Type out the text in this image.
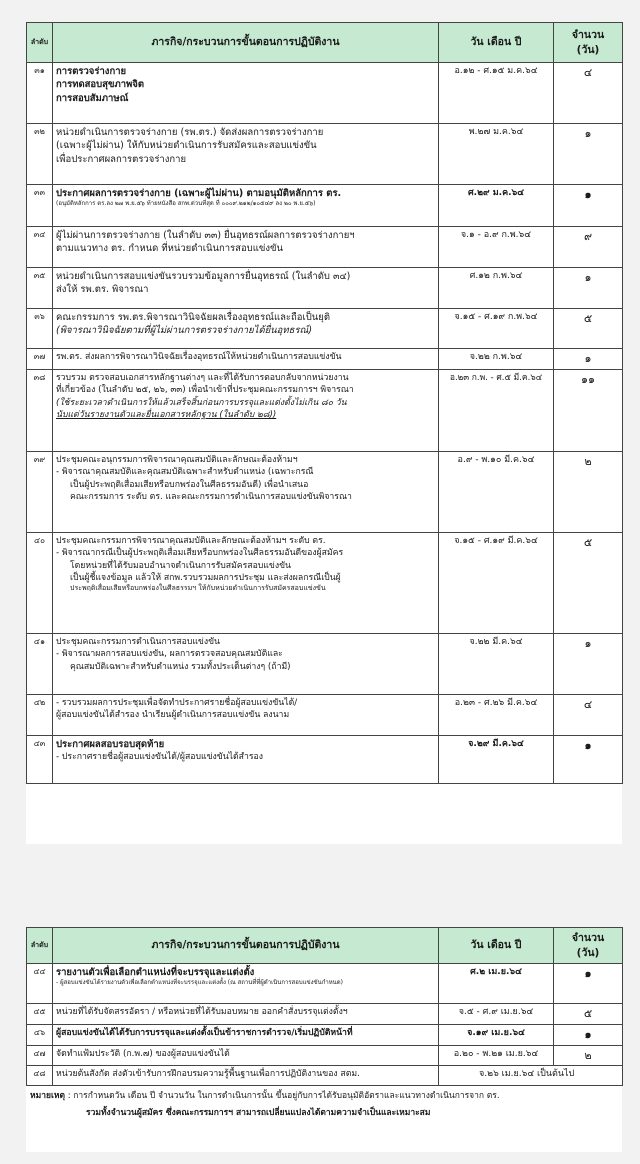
ลำดับ	ภารกิจ/กระบวนการขั้นตอนการปฏิบัติงาน	วัน เดือน ปี	จำนวน
(วัน)
๓๑	การตรวจร่างกาย
การทดสอบสุขภาพจิต
การสอบสัมภาษณ์	อ.๑๒ - ศ.๑๕ ม.ค.๖๔	๔
๓๒	หน่วยดำเนินการตรวจร่างกาย (รพ.ตร.) จัดส่งผลการตรวจร่างกาย
(เฉพาะผู้ไม่ผ่าน) ให้กับหน่วยดำเนินการรับสมัครและสอบแข่งขัน
เพื่อประกาศผลการตรวจร่างกาย	พ.๒๗ ม.ค.๖๔	๑
๓๓	ประกาศผลการตรวจร่างกาย (เฉพาะผู้ไม่ผ่าน) ตามอนุมัติหลักการ ตร.
(อนุมัติหลักการ ตร.ลง ๒๗ พ.ย.๕๖ ท้ายหนังสือ สกพ.ด่วนที่สุด ที่ ๐๐๐๙.๒๑๒/๑๐๕๔๙ ลง ๒๐ พ.ย.๕๖)	ศ.๒๙ ม.ค.๖๔	๑
๓๔	ผู้ไม่ผ่านการตรวจร่างกาย (ในลำดับ ๓๓) ยื่นอุทธรณ์ผลการตรวจร่างกายฯ
ตามแนวทาง ตร. กำหนด ที่หน่วยดำเนินการสอบแข่งขัน	จ.๑ - อ.๙ ก.พ.๖๔	๙
๓๕	หน่วยดำเนินการสอบแข่งขันรวบรวมข้อมูลการยื่นอุทธรณ์ (ในลำดับ ๓๔)
ส่งให้ รพ.ตร. พิจารณา	ศ.๑๒ ก.พ.๖๔	๑
๓๖	คณะกรรมการ รพ.ตร.พิจารณาวินิจฉัยผลเรื่องอุทธรณ์และถือเป็นยุติ
(พิจารณาวินิจฉัยตามที่ผู้ไม่ผ่านการตรวจร่างกายได้ยื่นอุทธรณ์)	จ.๑๕ - ศ.๑๙ ก.พ.๖๔	๕
๓๗	รพ.ตร. ส่งผลการพิจารณาวินิจฉัยเรื่องอุทธรณ์ให้หน่วยดำเนินการสอบแข่งขัน	จ.๒๒ ก.พ.๖๔	๑
๓๘	รวบรวม ตรวจสอบเอกสารหลักฐานต่างๆ และที่ได้รับการตอบกลับจากหน่วยงาน
ที่เกี่ยวข้อง (ในลำดับ ๒๕, ๒๖, ๓๓) เพื่อนำเข้าที่ประชุมคณะกรรมการฯ พิจารณา
(ใช้ระยะเวลาดำเนินการให้แล้วเสร็จสิ้นก่อนการบรรจุและแต่งตั้งไม่เกิน ๘๐ วัน
นับแต่วันรายงานตัวและยื่นเอกสารหลักฐาน (ในลำดับ ๒๘))	อ.๒๓ ก.พ. - ศ.๕ มี.ค.๖๔	๑๑
๓๙	ประชุมคณะอนุกรรมการพิจารณาคุณสมบัติและลักษณะต้องห้ามฯ
- พิจารณาคุณสมบัติและคุณสมบัติเฉพาะสำหรับตำแหน่ง (เฉพาะกรณี
เป็นผู้ประพฤติเสื่อมเสียหรือบกพร่องในศีลธรรมอันดี) เพื่อนำเสนอ
คณะกรรมการ ระดับ ตร. และคณะกรรมการดำเนินการสอบแข่งขันพิจารณา	อ.๙ - พ.๑๐ มี.ค.๖๔	๒
๔๐	ประชุมคณะกรรมการพิจารณาคุณสมบัติและลักษณะต้องห้ามฯ ระดับ ตร.
- พิจารณากรณีเป็นผู้ประพฤติเสื่อมเสียหรือบกพร่องในศีลธรรมอันดีของผู้สมัคร
โดยหน่วยที่ได้รับมอบอำนาจดำเนินการรับสมัครสอบแข่งขัน
เป็นผู้ชี้แจงข้อมูล แล้วให้ สกพ.รวบรวมผลการประชุม และส่งผลกรณีเป็นผู้
ประพฤติเสื่อมเสียหรือบกพร่องในศีลธรรมฯ ให้กับหน่วยดำเนินการรับสมัครสอบแข่งขัน	จ.๑๕ - ศ.๑๙ มี.ค.๖๔	๕
๔๑	ประชุมคณะกรรมการดำเนินการสอบแข่งขัน
- พิจารณาผลการสอบแข่งขัน, ผลการตรวจสอบคุณสมบัติและ
คุณสมบัติเฉพาะสำหรับตำแหน่ง รวมทั้งประเด็นต่างๆ (ถ้ามี)	จ.๒๒ มี.ค.๖๔	๑
๔๒	- รวบรวมผลการประชุมเพื่อจัดทำประกาศรายชื่อผู้สอบแข่งขันได้/
ผู้สอบแข่งขันได้สำรอง นำเรียนผู้ดำเนินการสอบแข่งขัน ลงนาม	อ.๒๓ - ศ.๒๖ มี.ค.๖๔	๔
๔๓	ประกาศผลสอบรอบสุดท้าย
- ประกาศรายชื่อผู้สอบแข่งขันได้/ผู้สอบแข่งขันได้สำรอง	จ.๒๙ มี.ค.๖๔	๑
ลำดับ	ภารกิจ/กระบวนการขั้นตอนการปฏิบัติงาน	วัน เดือน ปี	จำนวน
(วัน)
๔๔	รายงานตัวเพื่อเลือกตำแหน่งที่จะบรรจุและแต่งตั้ง
- ผู้สอบแข่งขันได้รายงานตัวเพื่อเลือกตำแหน่งที่จะบรรจุและแต่งตั้ง (ณ สถานที่ที่ผู้ดำเนินการสอบแข่งขันกำหนด)	ศ.๒ เม.ย.๖๔	๑
๔๕	หน่วยที่ได้รับจัดสรรอัตรา / หรือหน่วยที่ได้รับมอบหมาย ออกคำสั่งบรรจุแต่งตั้งฯ	จ.๕ - ศ.๙ เม.ย.๖๔	๕
๔๖	ผู้สอบแข่งขันได้ได้รับการบรรจุและแต่งตั้งเป็นข้าราชการตำรวจ/เริ่มปฏิบัติหน้าที่	จ.๑๙ เม.ย.๖๔	๑
๔๗	จัดทำแฟ้มประวัติ (ก.พ.๗) ของผู้สอบแข่งขันได้	อ.๒๐ - พ.๒๑ เม.ย.๖๔	๒
๔๘	หน่วยต้นสังกัด ส่งตัวเข้ารับการฝึกอบรมความรู้พื้นฐานเพื่อการปฏิบัติงานของ สตม.	จ.๒๖ เม.ย.๖๔ เป็นต้นไป	
หมายเหตุ : การกำหนดวัน เดือน ปี จำนวนวัน ในการดำเนินการนั้น ขึ้นอยู่กับการได้รับอนุมัติอัตราและแนวทางดำเนินการจาก ตร.
รวมทั้งจำนวนผู้สมัคร ซึ่งคณะกรรมการฯ สามารถเปลี่ยนแปลงได้ตามความจำเป็นและเหมาะสม
